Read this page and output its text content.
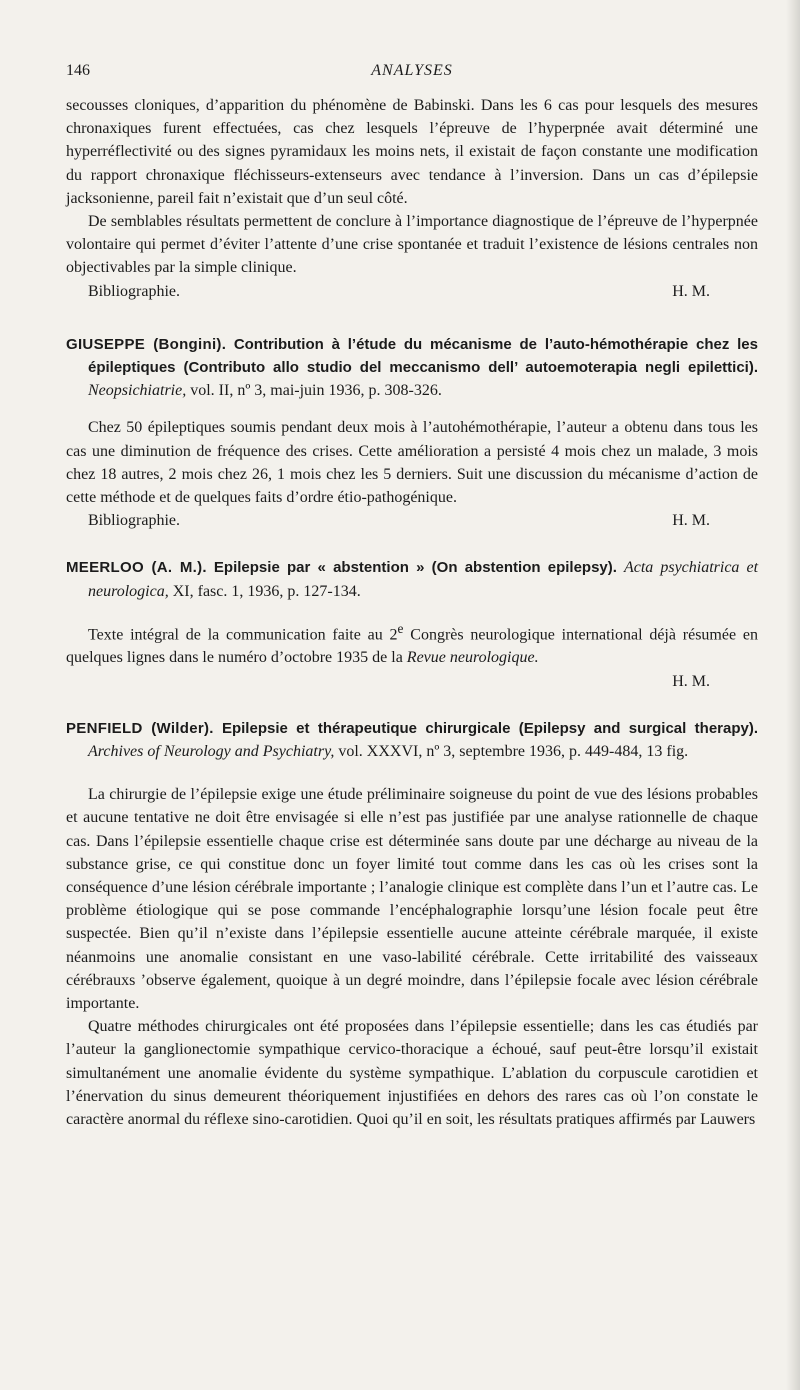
146	ANALYSES

secousses cloniques, d’apparition du phénomène de Babinski. Dans les 6 cas pour lesquels des mesures chronaxiques furent effectuées, cas chez lesquels l’épreuve de l’hyperpnée avait déterminé une hyperréflectivité ou des signes pyramidaux les moins nets, il existait de façon constante une modification du rapport chronaxique fléchisseurs-extenseurs avec tendance à l’inversion. Dans un cas d’épilepsie jacksonienne, pareil fait n’existait que d’un seul côté.

De semblables résultats permettent de conclure à l’importance diagnostique de l’épreuve de l’hyperpnée volontaire qui permet d’éviter l’attente d’une crise spontanée et traduit l’existence de lésions centrales non objectivables par la simple clinique.

Bibliographie.	H. M.
GIUSEPPE (Bongini). Contribution à l’étude du mécanisme de l’auto-hémothérapie chez les épileptiques (Contributo allo studio del meccanismo dell’ autoemoterapia negli epilettici). Neopsichiatrie, vol. II, nº 3, mai-juin 1936, p. 308-326.

Chez 50 épileptiques soumis pendant deux mois à l’autohémothérapie, l’auteur a obtenu dans tous les cas une diminution de fréquence des crises. Cette amélioration a persisté 4 mois chez un malade, 3 mois chez 18 autres, 2 mois chez 26, 1 mois chez les 5 derniers. Suit une discussion du mécanisme d’action de cette méthode et de quelques faits d’ordre étio-pathogénique.

Bibliographie.	H. M.
MEERLOO (A. M.). Epilepsie par « abstention » (On abstention epilepsy). Acta psychiatrica et neurologica, XI, fasc. 1, 1936, p. 127-134.

Texte intégral de la communication faite au 2e Congrès neurologique international déjà résumée en quelques lignes dans le numéro d’octobre 1935 de la Revue neurologique.

H. M.
PENFIELD (Wilder). Epilepsie et thérapeutique chirurgicale (Epilepsy and surgical therapy). Archives of Neurology and Psychiatry, vol. XXXVI, nº 3, septembre 1936, p. 449-484, 13 fig.

La chirurgie de l’épilepsie exige une étude préliminaire soigneuse du point de vue des lésions probables et aucune tentative ne doit être envisagée si elle n’est pas justifiée par une analyse rationnelle de chaque cas. Dans l’épilepsie essentielle chaque crise est déterminée sans doute par une décharge au niveau de la substance grise, ce qui constitue donc un foyer limité tout comme dans les cas où les crises sont la conséquence d’une lésion cérébrale importante ; l’analogie clinique est complète dans l’un et l’autre cas. Le problème étiologique qui se pose commande l’encéphalographie lorsqu’une lésion focale peut être suspectée. Bien qu’il n’existe dans l’épilepsie essentielle aucune atteinte cérébrale marquée, il existe néanmoins une anomalie consistant en une vaso-labilité cérébrale. Cette irritabilité des vaisseaux cérébrauxs ’observe également, quoique à un degré moindre, dans l’épilepsie focale avec lésion cérébrale importante.

Quatre méthodes chirurgicales ont été proposées dans l’épilepsie essentielle; dans les cas étudiés par l’auteur la ganglionectomie sympathique cervico-thoracique a échoué, sauf peut-être lorsqu’il existait simultanément une anomalie évidente du système sympathique. L’ablation du corpuscule carotidien et l’énervation du sinus demeurent théoriquement injustifiées en dehors des rares cas où l’on constate le caractère anormal du réflexe sino-carotidien. Quoi qu’il en soit, les résultats pratiques affirmés par Lauwers
